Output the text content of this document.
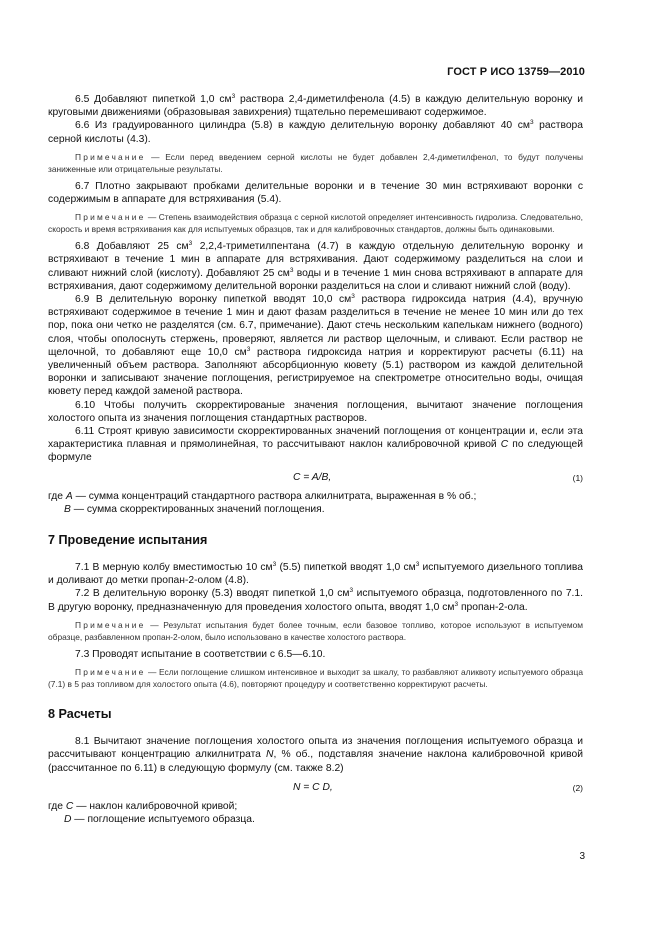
ГОСТ Р ИСО 13759—2010

6.5 Добавляют пипеткой 1,0 $см^3$ раствора 2,4-диметилфенола (4.5) в каждую делительную воронку и круговыми движениями (образовывая завихрения) тщательно перемешивают содержимое.

6.6 Из градуированного цилиндра (5.8) в каждую делительную воронку добавляют 40 $см^3$ раствора серной кислоты (4.3).

Примечание — Если перед введением серной кислоты не будет добавлен 2,4-диметилфенол, то будут получены заниженные или отрицательные результаты.

6.7 Плотно закрывают пробками делительные воронки и в течение 30 мин встряхивают воронки с содержимым в аппарате для встряхивания (5.4).

Примечание — Степень взаимодействия образца с серной кислотой определяет интенсивность гидролиза. Следовательно, скорость и время встряхивания как для испытуемых образцов, так и для калибровочных стандартов, должны быть одинаковыми.

6.8 Добавляют 25 $см^3$ 2,2,4-триметилпентана (4.7) в каждую отдельную делительную воронку и встряхивают в течение 1 мин в аппарате для встряхивания. Дают содержимому разделиться на слои и сливают нижний слой (кислоту). Добавляют 25 $см^3$ воды и в течение 1 мин снова встряхивают в аппарате для встряхивания, дают содержимому делительной воронки разделиться на слои и сливают нижний слой (воду).

6.9 В делительную воронку пипеткой вводят 10,0 $см^3$ раствора гидроксида натрия (4.4), вручную встряхивают содержимое в течение 1 мин и дают фазам разделиться в течение не менее 10 мин или до тех пор, пока они четко не разделятся (см. 6.7, примечание). Дают стечь нескольким капелькам нижнего (водного) слоя, чтобы ополоснуть стержень, проверяют, является ли раствор щелочным, и сливают. Если раствор не щелочной, то добавляют еще 10,0 $см^3$ раствора гидроксида натрия и корректируют расчеты (6.11) на увеличенный объем раствора. Заполняют абсорбционную кювету (5.1) раствором из каждой делительной воронки и записывают значение поглощения, регистрируемое на спектрометре относительно воды, очищая кювету перед каждой заменой раствора.

6.10 Чтобы получить скорректированые значения поглощения, вычитают значение поглощения холостого опыта из значения поглощения стандартных растворов.

6.11 Строят кривую зависимости скорректированных значений поглощения от концентрации и, если эта характеристика плавная и прямолинейная, то рассчитывают наклон калибровочной кривой C по следующей формуле

C = A/B,	(1)
где A — сумма концентраций стандартного раствора алкилнитрата, выраженная в % об.;
B — сумма скорректированных значений поглощения.
7 Проведение испытания

7.1 В мерную колбу вместимостью 10 $см^3$ (5.5) пипеткой вводят 1,0 $см^3$ испытуемого дизельного топлива и доливают до метки пропан-2-олом (4.8).

7.2 В делительную воронку (5.3) вводят пипеткой 1,0 $см^3$ испытуемого образца, подготовленного по 7.1. В другую воронку, предназначенную для проведения холостого опыта, вводят 1,0 $см^3$ пропан-2-ола.

Примечание — Результат испытания будет более точным, если базовое топливо, которое используют в испытуемом образце, разбавленном пропан-2-олом, было использовано в качестве холостого раствора.

7.3 Проводят испытание в соответствии с 6.5—6.10.

Примечание — Если поглощение слишком интенсивное и выходит за шкалу, то разбавляют аликвоту испытуемого образца (7.1) в 5 раз топливом для холостого опыта (4.6), повторяют процедуру и соответственно корректируют расчеты.

8 Расчеты

8.1 Вычитают значение поглощения холостого опыта из значения поглощения испытуемого образца и рассчитывают концентрацию алкилнитрата N, % об., подставляя значение наклона калибровочной кривой (рассчитанное по 6.11) в следующую формулу (см. также 8.2)

N = C D,	(2)
где C — наклон калибровочной кривой;
D — поглощение испытуемого образца.
3
